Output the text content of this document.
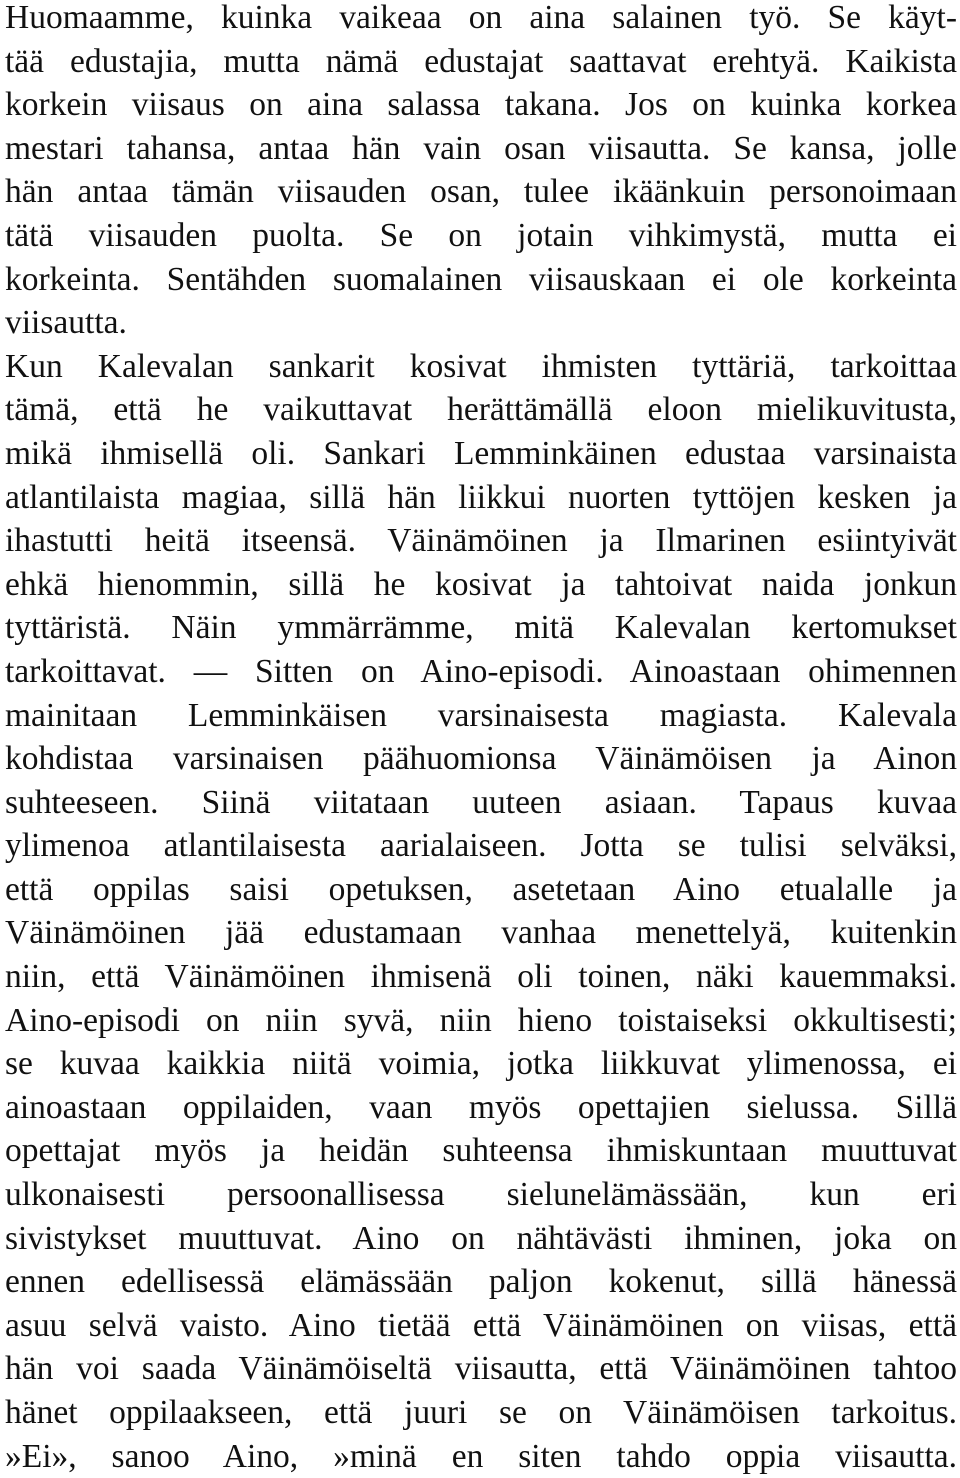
Huomaamme, kuinka vaikeaa on aina salainen työ. Se käyt-
tää edustajia, mutta nämä edustajat saattavat erehtyä. Kaikista
korkein viisaus on aina salassa takana. Jos on kuinka korkea
mestari tahansa, antaa hän vain osan viisautta. Se kansa, jolle
hän antaa tämän viisauden osan, tulee ikäänkuin personoimaan
tätä viisauden puolta. Se on jotain vihkimystä, mutta ei
korkeinta. Sentähden suomalainen viisauskaan ei ole korkeinta
viisautta.
Kun Kalevalan sankarit kosivat ihmisten tyttäriä, tarkoittaa
tämä, että he vaikuttavat herättämällä eloon mielikuvitusta,
mikä ihmisellä oli. Sankari Lemminkäinen edustaa varsinaista
atlantilaista magiaa, sillä hän liikkui nuorten tyttöjen kesken ja
ihastutti heitä itseensä. Väinämöinen ja Ilmarinen esiintyivät
ehkä hienommin, sillä he kosivat ja tahtoivat naida jonkun
tyttäristä. Näin ymmärrämme, mitä Kalevalan kertomukset
tarkoittavat. — Sitten on Aino-episodi. Ainoastaan ohimennen
mainitaan Lemminkäisen varsinaisesta magiasta. Kalevala
kohdistaa varsinaisen päähuomionsa Väinämöisen ja Ainon
suhteeseen. Siinä viitataan uuteen asiaan. Tapaus kuvaa
ylimenoa atlantilaisesta aarialaiseen. Jotta se tulisi selväksi,
että oppilas saisi opetuksen, asetetaan Aino etualalle ja
Väinämöinen jää edustamaan vanhaa menettelyä, kuitenkin
niin, että Väinämöinen ihmisenä oli toinen, näki kauemmaksi.
Aino-episodi on niin syvä, niin hieno toistaiseksi okkultisesti;
se kuvaa kaikkia niitä voimia, jotka liikkuvat ylimenossa, ei
ainoastaan oppilaiden, vaan myös opettajien sielussa. Sillä
opettajat myös ja heidän suhteensa ihmiskuntaan muuttuvat
ulkonaisesti persoonallisessa sielunelämässään, kun eri
sivistykset muuttuvat. Aino on nähtävästi ihminen, joka on
ennen edellisessä elämässään paljon kokenut, sillä hänessä
asuu selvä vaisto. Aino tietää että Väinämöinen on viisas, että
hän voi saada Väinämöiseltä viisautta, että Väinämöinen tahtoo
hänet oppilaakseen, että juuri se on Väinämöisen tarkoitus.
»Ei», sanoo Aino, »minä en siten tahdo oppia viisautta.
